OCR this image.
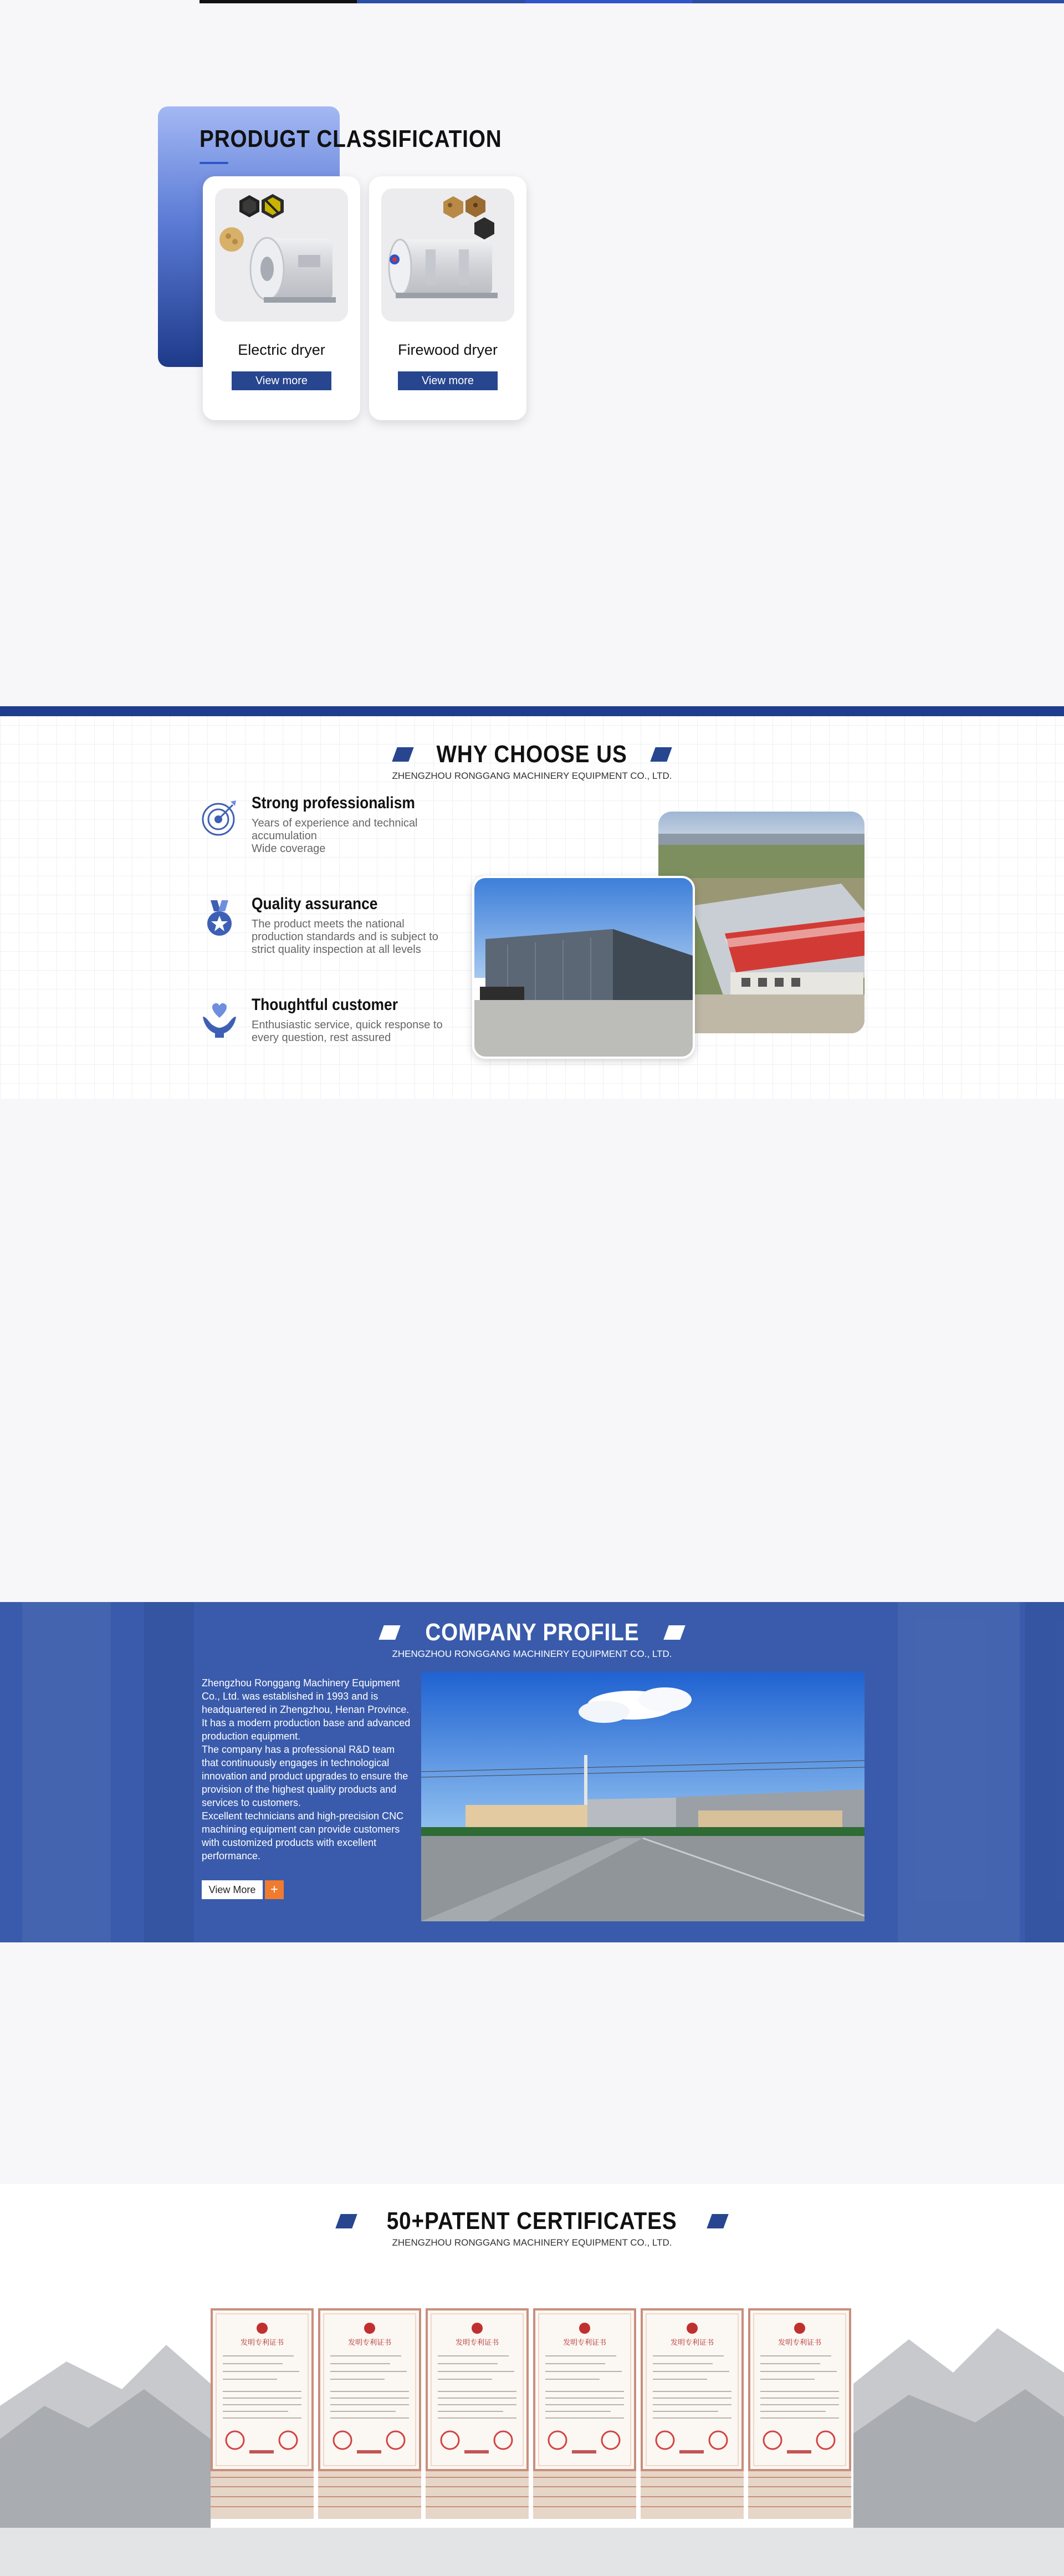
PRODUGT CLASSIFICATION
Electric dryer
View more
Firewood dryer
View more
WHY CHOOSE US
ZHENGZHOU RONGGANG MACHINERY EQUIPMENT CO., LTD.
Strong professionalism
Years of experience and technical accumulation
Wide coverage
Quality assurance
The product meets the national production standards and is subject to strict quality inspection at all levels
Thoughtful customer
Enthusiastic service, quick response to every question, rest assured
COMPANY PROFILE
ZHENGZHOU RONGGANG MACHINERY EQUIPMENT CO., LTD.
Zhengzhou Ronggang Machinery Equipment Co., Ltd. was established in 1993 and is headquartered in Zhengzhou, Henan Province. It has a modern production base and advanced production equipment.
The company has a professional R&D team that continuously engages in technological innovation and product upgrades to ensure the provision of the highest quality products and services to customers.
Excellent technicians and high-precision CNC machining equipment can provide customers with customized products with excellent performance.
View More	+
50+PATENT CERTIFICATES
ZHENGZHOU RONGGANG MACHINERY EQUIPMENT CO., LTD.
发明专利证书	发明专利证书	发明专利证书	发明专利证书	发明专利证书	发明专利证书
